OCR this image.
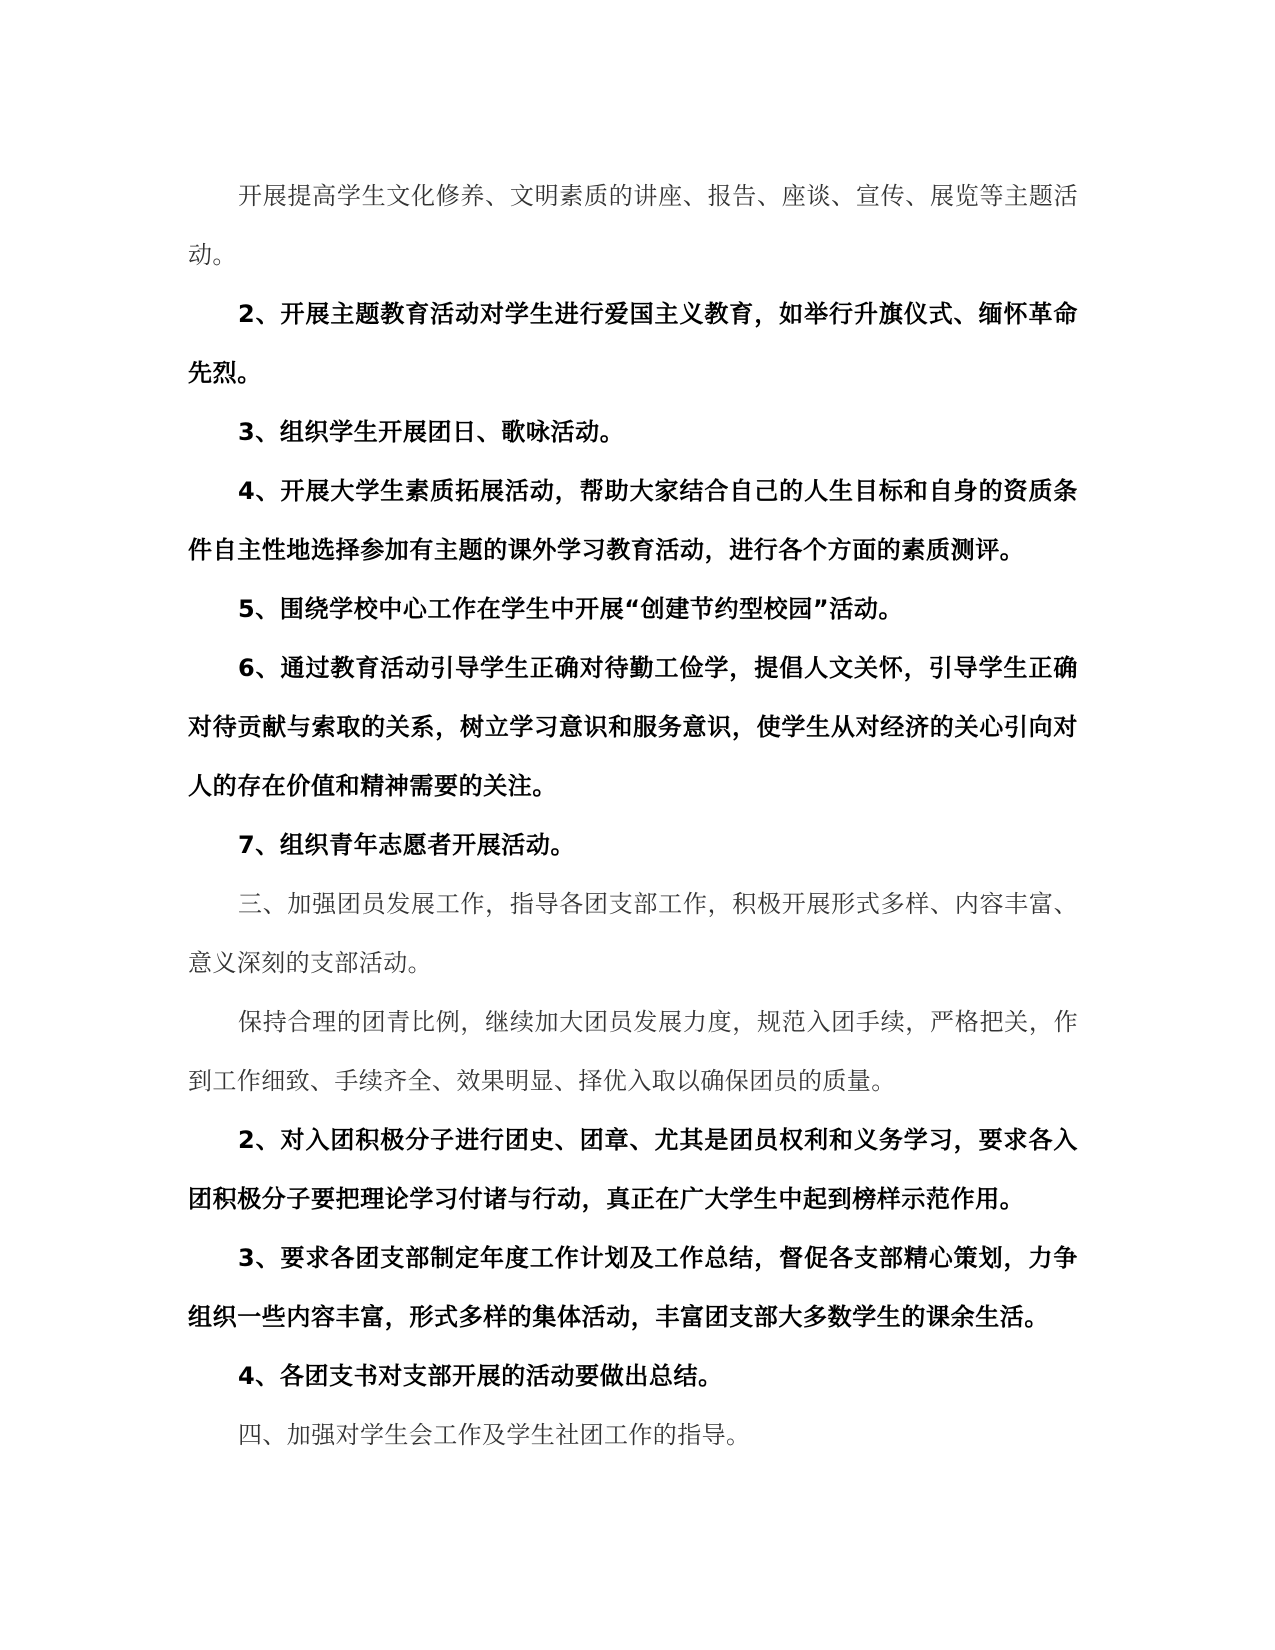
开展提高学生文化修养、文明素质的讲座、报告、座谈、宣传、展览等主题活动。

2、开展主题教育活动对学生进行爱国主义教育，如举行升旗仪式、缅怀革命先烈。

3、组织学生开展团日、歌咏活动。

4、开展大学生素质拓展活动，帮助大家结合自己的人生目标和自身的资质条件自主性地选择参加有主题的课外学习教育活动，进行各个方面的素质测评。

5、围绕学校中心工作在学生中开展“创建节约型校园”活动。

6、通过教育活动引导学生正确对待勤工俭学，提倡人文关怀，引导学生正确对待贡献与索取的关系，树立学习意识和服务意识，使学生从对经济的关心引向对人的存在价值和精神需要的关注。

7、组织青年志愿者开展活动。

三、加强团员发展工作，指导各团支部工作，积极开展形式多样、内容丰富、意义深刻的支部活动。

保持合理的团青比例，继续加大团员发展力度，规范入团手续，严格把关，作到工作细致、手续齐全、效果明显、择优入取以确保团员的质量。

2、对入团积极分子进行团史、团章、尤其是团员权利和义务学习，要求各入团积极分子要把理论学习付诸与行动，真正在广大学生中起到榜样示范作用。

3、要求各团支部制定年度工作计划及工作总结，督促各支部精心策划，力争组织一些内容丰富，形式多样的集体活动，丰富团支部大多数学生的课余生活。

4、各团支书对支部开展的活动要做出总结。

四、加强对学生会工作及学生社团工作的指导。
